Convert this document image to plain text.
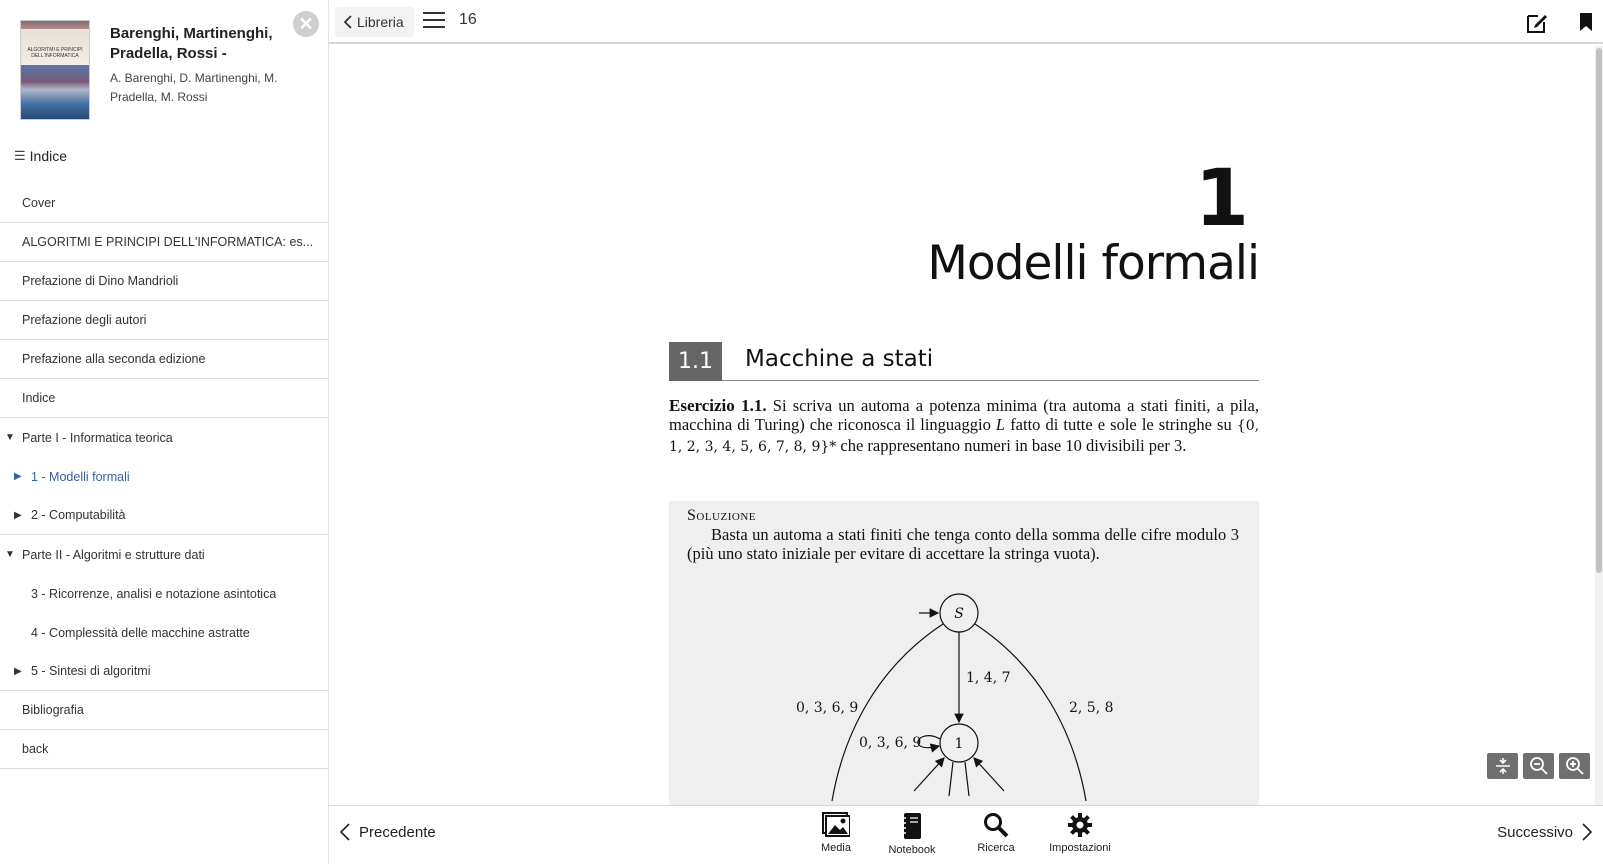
ALGORITMI E PRINCIPI DELL'INFORMATICA
Barenghi, Martinenghi, Pradella, Rossi -
A. Barenghi, D. Martinenghi, M. Pradella, M. Rossi
✕
☰ Indice
Cover
ALGORITMI E PRINCIPI DELL'INFORMATICA: es...
Prefazione di Dino Mandrioli
Prefazione degli autori
Prefazione alla seconda edizione
Indice
▼ Parte I - Informatica teorica
▶ 1 - Modelli formali
▶ 2 - Computabilità
▼ Parte II - Algoritmi e strutture dati
3 - Ricorrenze, analisi e notazione asintotica
4 - Complessità delle macchine astratte
▶ 5 - Sintesi di algoritmi
Bibliografia
back
Libreria	16
1
Modelli formali
1.1	Macchine a stati
Esercizio 1.1. Si scriva un automa a potenza minima (tra automa a stati finiti, a pila, macchina di Turing) che riconosca il linguaggio L fatto di tutte e sole le stringhe su {0, 1, 2, 3, 4, 5, 6, 7, 8, 9}* che rappresentano numeri in base 10 divisibili per 3.
Soluzione
Basta un automa a stati finiti che tenga conto della somma delle cifre modulo 3 (più uno stato iniziale per evitare di accettare la stringa vuota).
S
1, 4, 7
1
0, 3, 6, 9
0, 3, 6, 9	2, 5, 8
Precedente
Media	Notebook	Ricerca	Impostazioni
Successivo
